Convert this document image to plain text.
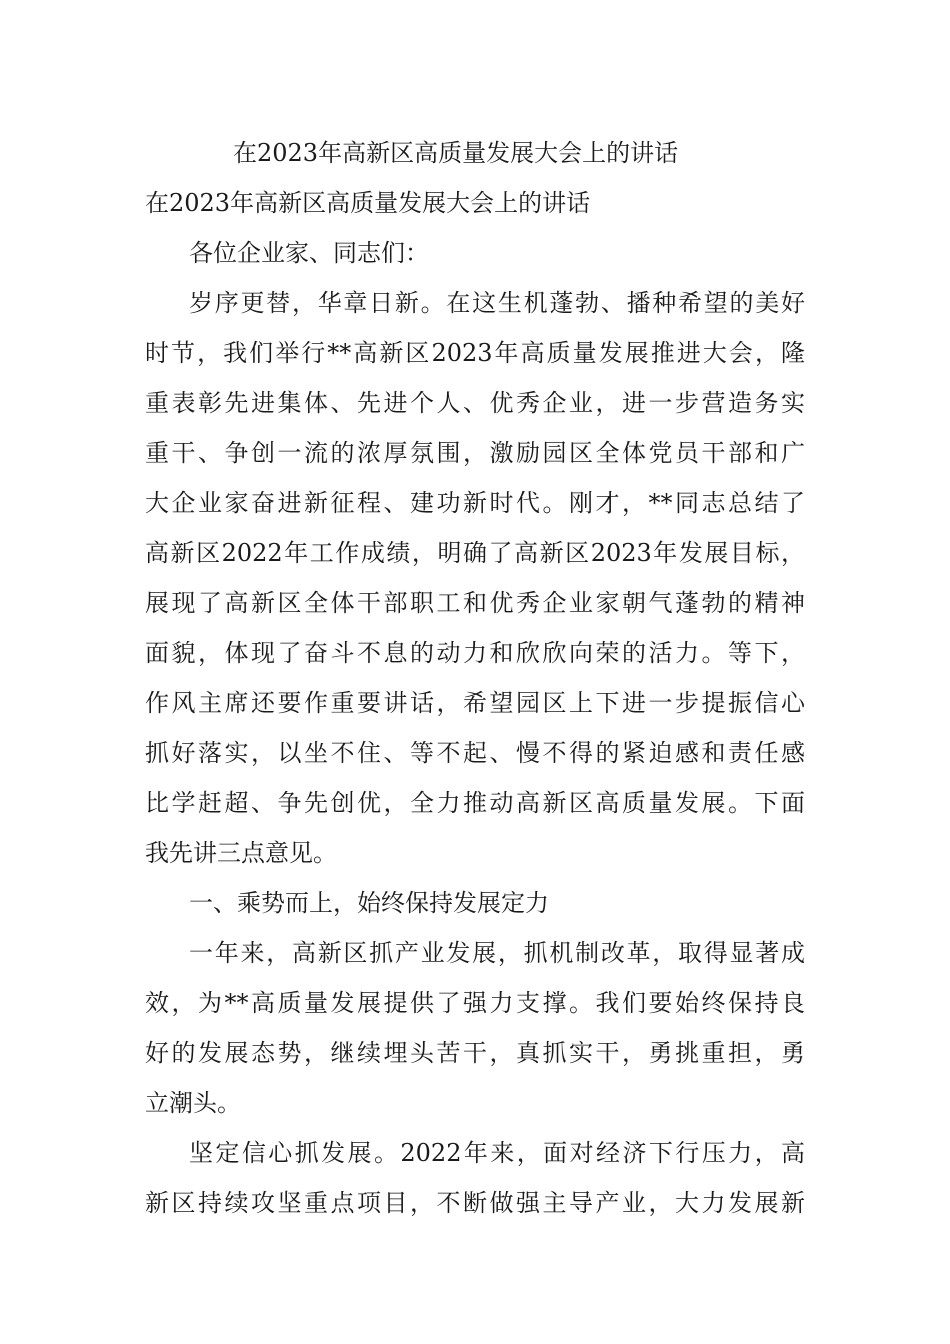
在2023年高新区高质量发展大会上的讲话

在2023年高新区高质量发展大会上的讲话

各位企业家、同志们：
岁序更替，华章日新。在这生机蓬勃、播种希望的美好
时节，我们举行**高新区2023年高质量发展推进大会，隆
重表彰先进集体、先进个人、优秀企业，进一步营造务实
重干、争创一流的浓厚氛围，激励园区全体党员干部和广
大企业家奋进新征程、建功新时代。刚才，**同志总结了
高新区2022年工作成绩，明确了高新区2023年发展目标，
展现了高新区全体干部职工和优秀企业家朝气蓬勃的精神
面貌，体现了奋斗不息的动力和欣欣向荣的活力。等下，
作风主席还要作重要讲话，希望园区上下进一步提振信心
抓好落实，以坐不住、等不起、慢不得的紧迫感和责任感
比学赶超、争先创优，全力推动高新区高质量发展。下面
我先讲三点意见。
一、乘势而上，始终保持发展定力
一年来，高新区抓产业发展，抓机制改革，取得显著成
效，为**高质量发展提供了强力支撑。我们要始终保持良
好的发展态势，继续埋头苦干，真抓实干，勇挑重担，勇
立潮头。
坚定信心抓发展。2022年来，面对经济下行压力，高
新区持续攻坚重点项目，不断做强主导产业，大力发展新
